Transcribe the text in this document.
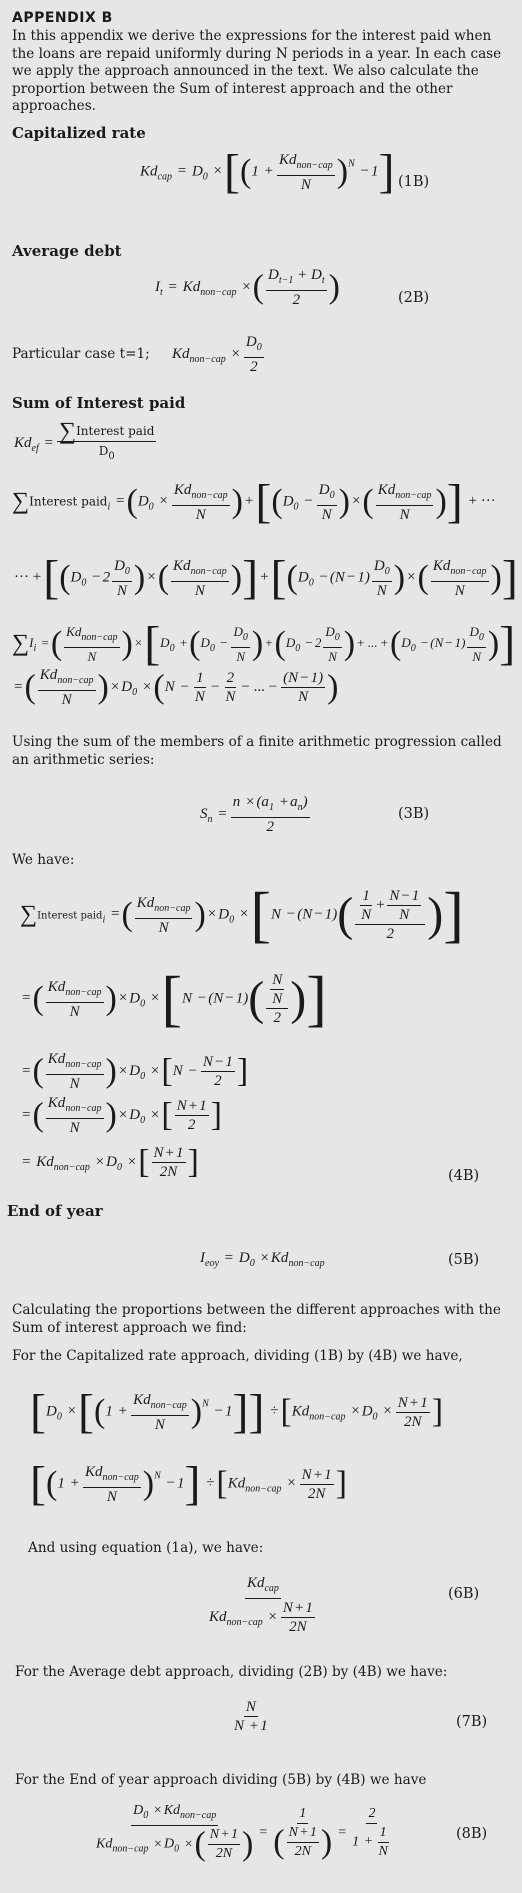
APPENDIX B
In this appendix we derive the expressions for the interest paid when the loans are repaid uniformly during N periods in a year. In each case we apply the approach announced in the text. We also calculate the proportion between the Sum of interest approach and the other approaches.
Capitalized rate
$Kd_{cap} = D_0 \times[(1 + \frac{Kd_{non-cap}}{N} )^N - 1]$ (1B)
Average debt
$I_t = Kd_{non-cap}$ ×( $\frac{D_{t-1} + D_t}{2}$ )	(2B)
Particular case t=1;	$Kd_{non-cap} \times \frac{D_0}{2}$
Sum of Interest paid
$Kd_{ef} = \frac{\text{∑Interest paid}}{D_0}$
∑Interest paid$_i$ $=(D_0 \times \frac{Kd_{non-cap}}{N}$ ) $+[(D_0 - \frac{D_0}{N}$ ) ×( $\frac{Kd_{non-cap}}{N}$ )] + ···
··· $+[(D_0 - 2 \frac{D_0}{N}$ ) ×( $\frac{Kd_{non-cap}}{N}$ )] $+[(D_0 - (N - 1) \frac{D_0}{N}$ ) ×( $\frac{Kd_{non-cap}}{N}$ )]
$\sum I_i$ =( $\frac{Kd_{non-cap}}{N}$ ) $\times[D_0 +(D_0 - \frac{D_0}{N}$ ) $+(D_0 - 2 \frac{D_0}{N}$ ) + ... $+(D_0 - (N - 1) \frac{D_0}{N}$ )]
=( $\frac{Kd_{non-cap}}{N}$ ) × $D_0 \times(N - \frac{1}{N} - \frac{2}{N}$ − ... − $\frac{(N - 1)}{N}$ )
Using the sum of the members of a finite arithmetic progression called an arithmetic series:
$S_n = \frac{n \times (a_1 + a_n)}{2}$	(3B)
We have:
∑Interest paid$_i$ =( $\frac{Kd_{non-cap}}{N}$ ) × $D_0 \times[N - (N - 1)( \frac{\frac{1}{N} + \frac{N - 1}{N}}{2}$ )]
=( $\frac{Kd_{non-cap}}{N}$ ) × $D_0 \times[N - (N - 1)( \frac{\frac{N}{N}}{2}$ )]
=( $\frac{Kd_{non-cap}}{N}$ ) × $D_0 \times[N - \frac{N - 1}{2}$ ]
=( $\frac{Kd_{non-cap}}{N}$ ) × $D_0$ ×[ $\frac{N + 1}{2}$ ]
= $Kd_{non-cap} \times D_0$ ×[ $\frac{N + 1}{2N}$ ]	(4B)
End of year
$I_{eoy} = D_0 \times Kd_{non-cap}$	(5B)
Calculating the proportions between the different approaches with the Sum of interest approach we find:
For the Capitalized rate approach, dividing (1B) by (4B) we have,
$[D_0 \times[(1 + \frac{Kd_{non-cap}}{N} )^N - 1]] \div[Kd_{non-cap} \times D_0 \times \frac{N + 1}{2N}$ ]
$[(1 + \frac{Kd_{non-cap}}{N} )^N - 1] \div[Kd_{non-cap} \times \frac{N + 1}{2N}$ ]
And using equation (1a), we have:
$\frac{Kd_{cap}}{Kd_{non-cap} \times \frac{N + 1}{2N}}$	(6B)
For the Average debt approach, dividing (2B) by (4B) we have:
$\frac{N}{N + 1}$	(7B)
For the End of year approach dividing (5B) by (4B) we have
$\frac{D_0 \times Kd_{non-cap}}{Kd_{non-cap} \times D_0 \times( \frac{N + 1}{2N} )} = \frac{1}{( \frac{N + 1}{2N} )} = \frac{2}{1 + \frac{1}{N}}$	(8B)
